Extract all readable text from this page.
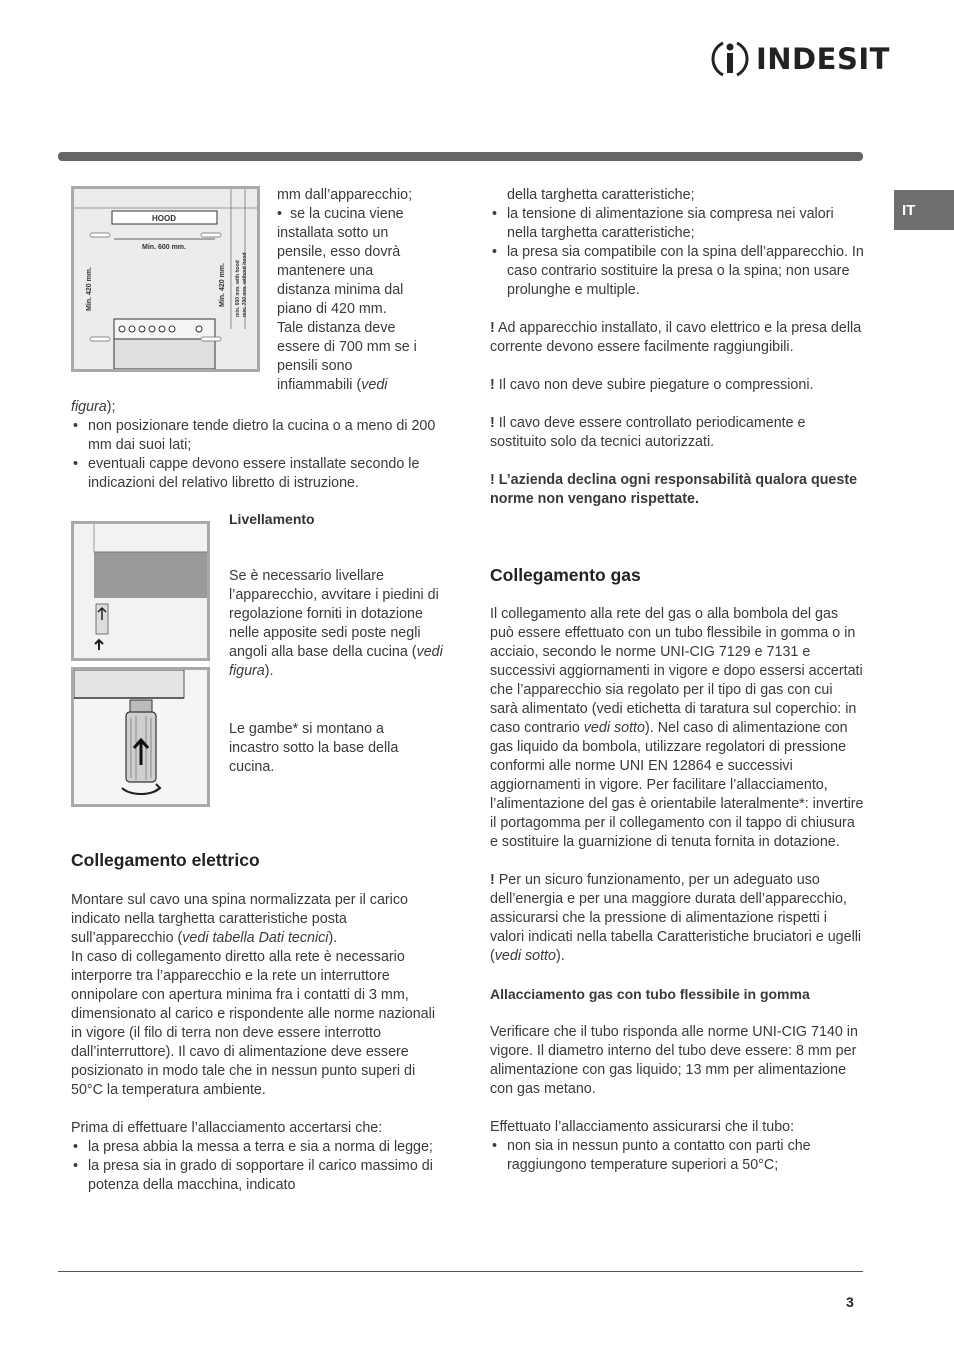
INDESIT
IT
HOOD
Min. 600 mm.
Min. 420 mm.	Min. 420 mm. min. 650 mm. with hood min. 700 mm. without hood

mm dall’apparecchio;

•  se la cucina viene
installata sotto un
pensile, esso dovrà
mantenere una
distanza minima dal
piano di 420 mm.
Tale distanza deve
essere di 700 mm se i
pensili sono
infiammabili (vedi

figura);

• non posizionare tende dietro la cucina o a meno di 200 mm dai suoi lati;
• eventuali cappe devono essere installate secondo le indicazioni del relativo libretto di istruzione.
Livellamento
Se è necessario livellare l’apparecchio, avvitare i piedini di regolazione forniti in dotazione nelle apposite sedi poste negli angoli alla base della cucina (vedi figura).
Le gambe* si montano a incastro sotto la base della cucina.
Collegamento elettrico

Montare sul cavo una spina normalizzata per il carico indicato nella targhetta caratteristiche posta sull’apparecchio (vedi tabella Dati tecnici).

In caso di collegamento diretto alla rete è necessario interporre tra l’apparecchio e la rete un interruttore onnipolare con apertura minima fra i contatti di 3 mm, dimensionato al carico e rispondente alle norme nazionali in vigore (il filo di terra non deve essere interrotto dall’interruttore). Il cavo di alimentazione deve essere posizionato in modo tale che in nessun punto superi di 50°C la temperatura ambiente.

Prima di effettuare l’allacciamento accertarsi che:

• la presa abbia la messa a terra e sia a norma di legge;
• la presa sia in grado di sopportare il carico massimo di potenza della macchina, indicato

della targhetta caratteristiche;

• la tensione di alimentazione sia compresa nei valori nella targhetta caratteristiche;
• la presa sia compatibile con la spina dell’apparecchio. In caso contrario sostituire la presa o la spina; non usare prolunghe e multiple.

! Ad apparecchio installato, il cavo elettrico e la presa della corrente devono essere facilmente raggiungibili.

! Il cavo non deve subire piegature o compressioni.

! Il cavo deve essere controllato periodicamente e sostituito solo da tecnici autorizzati.

! L’azienda declina ogni responsabilità qualora queste norme non vengano rispettate.

Collegamento gas

Il collegamento alla rete del gas o alla bombola del gas può essere effettuato con un tubo flessibile in gomma o in acciaio, secondo le norme UNI-CIG 7129 e 7131 e successivi aggiornamenti in vigore e dopo essersi accertati che l’apparecchio sia regolato per il tipo di gas con cui sarà alimentato (vedi etichetta di taratura sul coperchio: in caso contrario vedi sotto). Nel caso di alimentazione con gas liquido da bombola, utilizzare regolatori di pressione conformi alle norme UNI EN 12864 e successivi aggiornamenti in vigore. Per facilitare l’allacciamento, l’alimentazione del gas è orientabile lateralmente*: invertire il portagomma per il collegamento con il tappo di chiusura e sostituire la guarnizione di tenuta fornita in dotazione.

! Per un sicuro funzionamento, per un adeguato uso dell’energia e per una maggiore durata dell’apparecchio, assicurarsi che la pressione di alimentazione rispetti i valori indicati nella tabella Caratteristiche bruciatori e ugelli (vedi sotto).

Allacciamento gas con tubo flessibile in gomma

Verificare che il tubo risponda alle norme UNI-CIG 7140 in vigore. Il diametro interno del tubo deve essere: 8 mm per alimentazione con gas liquido; 13 mm per alimentazione con gas metano.

Effettuato l’allacciamento assicurarsi che il tubo:

• non sia in nessun punto a contatto con parti che raggiungono temperature superiori a 50°C;
3
